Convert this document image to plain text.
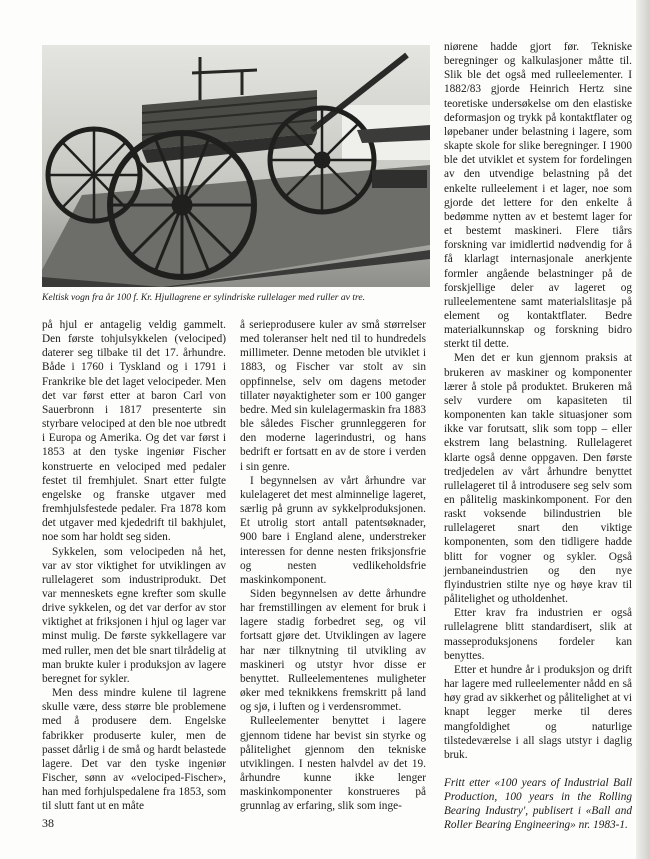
Keltisk vogn fra år 100 f. Kr. Hjullagrene er sylindriske rullelager med ruller av tre.

på hjul er antagelig veldig gammelt. Den første tohjulsykkelen (velociped) daterer seg tilbake til det 17. århundre. Både i 1760 i Tyskland og i 1791 i Frankrike ble det laget velocipeder. Men det var først etter at baron Carl von Sauerbronn i 1817 presenterte sin styrbare velociped at den ble noe utbredt i Europa og Amerika. Og det var først i 1853 at den tyske ingeniør Fischer konstruerte en velociped med pedaler festet til fremhjulet. Snart etter fulgte engelske og franske utgaver med fremhjulsfestede pedaler. Fra 1878 kom det utgaver med kjededrift til bakhjulet, noe som har holdt seg siden.

Sykkelen, som velocipeden nå het, var av stor viktighet for utviklingen av rullelageret som industriprodukt. Det var menneskets egne krefter som skulle drive sykkelen, og det var derfor av stor viktighet at friksjonen i hjul og lager var minst mulig. De første sykkellagere var med ruller, men det ble snart tilrådelig at man brukte kuler i produksjon av lagere beregnet for sykler.

Men dess mindre kulene til lagrene skulle være, dess større ble problemene med å produsere dem. Engelske fabrikker produserte kuler, men de passet dårlig i de små og hardt belastede lagere. Det var den tyske ingeniør Fischer, sønn av «velociped-Fischer», han med forhjulspedalene fra 1853, som til slutt fant ut en måte

å serieprodusere kuler av små størrelser med toleranser helt ned til to hundredels millimeter. Denne metoden ble utviklet i 1883, og Fischer var stolt av sin oppfinnelse, selv om dagens metoder tillater nøyaktigheter som er 100 ganger bedre. Med sin kulelagermaskin fra 1883 ble således Fischer grunnleggeren for den moderne lagerindustri, og hans bedrift er fortsatt en av de store i verden i sin genre.

I begynnelsen av vårt århundre var kulelageret det mest alminnelige lageret, særlig på grunn av sykkelproduksjonen. Et utrolig stort antall patentsøknader, 900 bare i England alene, understreker interessen for denne nesten friksjonsfrie og nesten vedlikeholdsfrie maskinkomponent.

Siden begynnelsen av dette århundre har fremstillingen av element for bruk i lagere stadig forbedret seg, og vil fortsatt gjøre det. Utviklingen av lagere har nær tilknytning til utvikling av maskineri og utstyr hvor disse er benyttet. Rulleelementenes muligheter øker med teknikkens fremskritt på land og sjø, i luften og i verdensrommet.

Rulleelementer benyttet i lagere gjennom tidene har bevist sin styrke og pålitelighet gjennom den tekniske utviklingen. I nesten halvdel av det 19. århundre kunne ikke lenger maskinkomponenter konstrueres på grunnlag av erfaring, slik som inge-

niørene hadde gjort før. Tekniske beregninger og kalkulasjoner måtte til. Slik ble det også med rulleelementer. I 1882/83 gjorde Heinrich Hertz sine teoretiske undersøkelse om den elastiske deformasjon og trykk på kontaktflater og løpebaner under belastning i lagere, som skapte skole for slike beregninger. I 1900 ble det utviklet et system for fordelingen av den utvendige belastning på det enkelte rulleelement i et lager, noe som gjorde det lettere for den enkelte å bedømme nytten av et bestemt lager for et bestemt maskineri. Flere tiårs forskning var imidlertid nødvendig for å få klarlagt internasjonale anerkjente formler angående belastninger på de forskjellige deler av lageret og rulleelementene samt materialslitasje på element og kontaktflater. Bedre materialkunnskap og forskning bidro sterkt til dette.

Men det er kun gjennom praksis at brukeren av maskiner og komponenter lærer å stole på produktet. Brukeren må selv vurdere om kapasiteten til komponenten kan takle situasjoner som ikke var forutsatt, slik som topp – eller ekstrem lang belastning. Rullelageret klarte også denne oppgaven. Den første tredjedelen av vårt århundre benyttet rullelageret til å introdusere seg selv som en pålitelig maskinkomponent. For den raskt voksende bilindustrien ble rullelageret snart den viktige komponenten, som den tidligere hadde blitt for vogner og sykler. Også jernbaneindustrien og den nye flyindustrien stilte nye og høye krav til pålitelighet og utholdenhet.

Etter krav fra industrien er også rullelagrene blitt standardisert, slik at masseproduksjonens fordeler kan benyttes.

Etter et hundre år i produksjon og drift har lagere med rulleelementer nådd en så høy grad av sikkerhet og pålitelighet at vi knapt legger merke til deres mangfoldighet og naturlige tilstedeværelse i all slags utstyr i daglig bruk.

Fritt etter «100 years of Industrial Ball Production, 100 years in the Rolling Bearing Industry', publisert i «Ball and Roller Bearing Engineering» nr. 1983-1.

38
